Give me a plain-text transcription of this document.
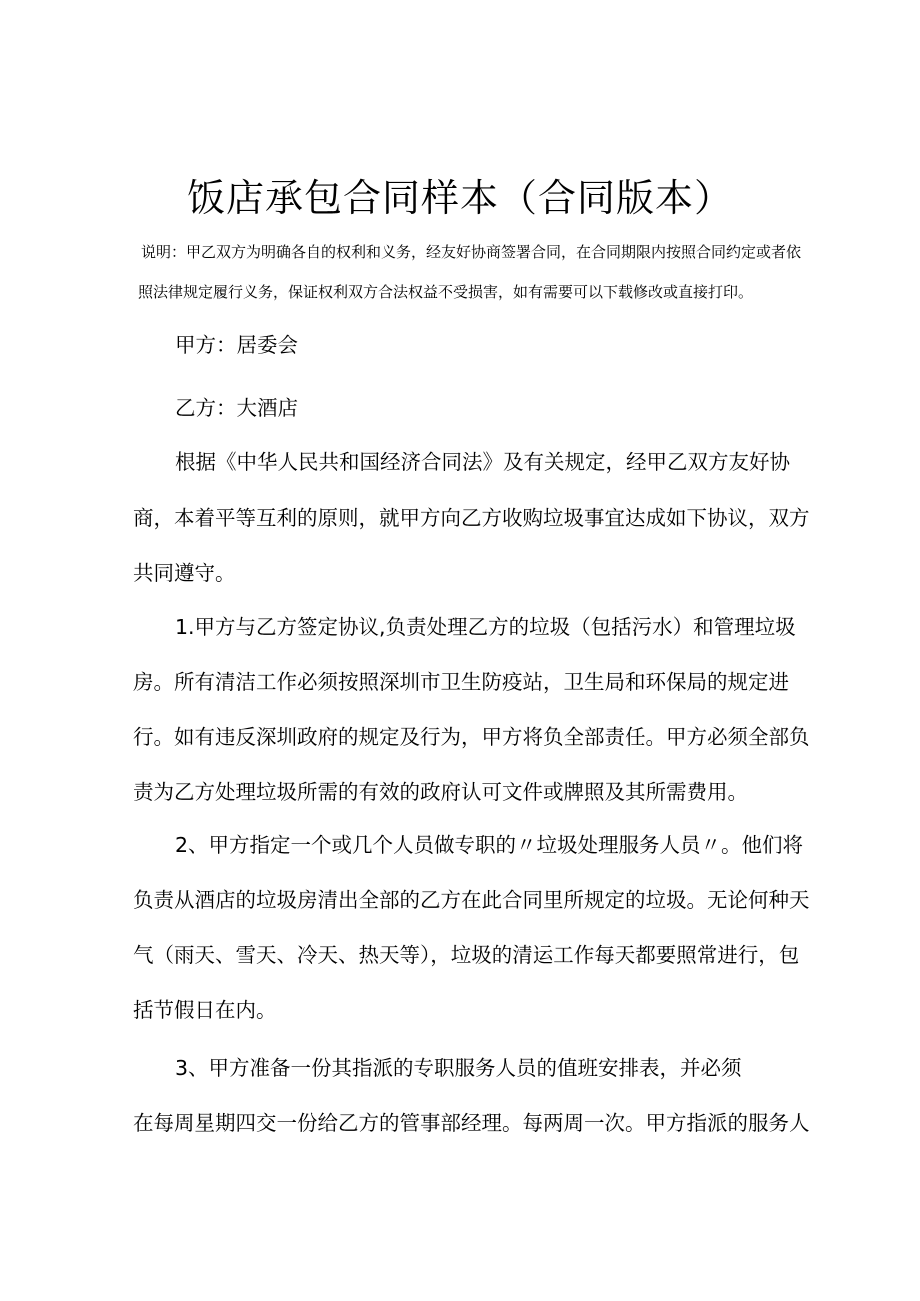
饭店承包合同样本（合同版本）
说明：甲乙双方为明确各自的权利和义务，经友好协商签署合同，在合同期限内按照合同约定或者依
照法律规定履行义务，保证权利双方合法权益不受损害，如有需要可以下载修改或直接打印。
甲方：居委会
乙方：大酒店
根据《中华人民共和国经济合同法》及有关规定，经甲乙双方友好协
商，本着平等互利的原则，就甲方向乙方收购垃圾事宜达成如下协议，双方
共同遵守。
1.甲方与乙方签定协议,负责处理乙方的垃圾（包括污水）和管理垃圾
房。所有清洁工作必须按照深圳市卫生防疫站，卫生局和环保局的规定进
行。如有违反深圳政府的规定及行为，甲方将负全部责任。甲方必须全部负
责为乙方处理垃圾所需的有效的政府认可文件或牌照及其所需费用。
2、甲方指定一个或几个人员做专职的〃垃圾处理服务人员〃。他们将
负责从酒店的垃圾房清出全部的乙方在此合同里所规定的垃圾。无论何种天
气（雨天、雪天、冷天、热天等），垃圾的清运工作每天都要照常进行，包
括节假日在内。
3、甲方准备一份其指派的专职服务人员的值班安排表，并必须
在每周星期四交一份给乙方的管事部经理。每两周一次。甲方指派的服务人
